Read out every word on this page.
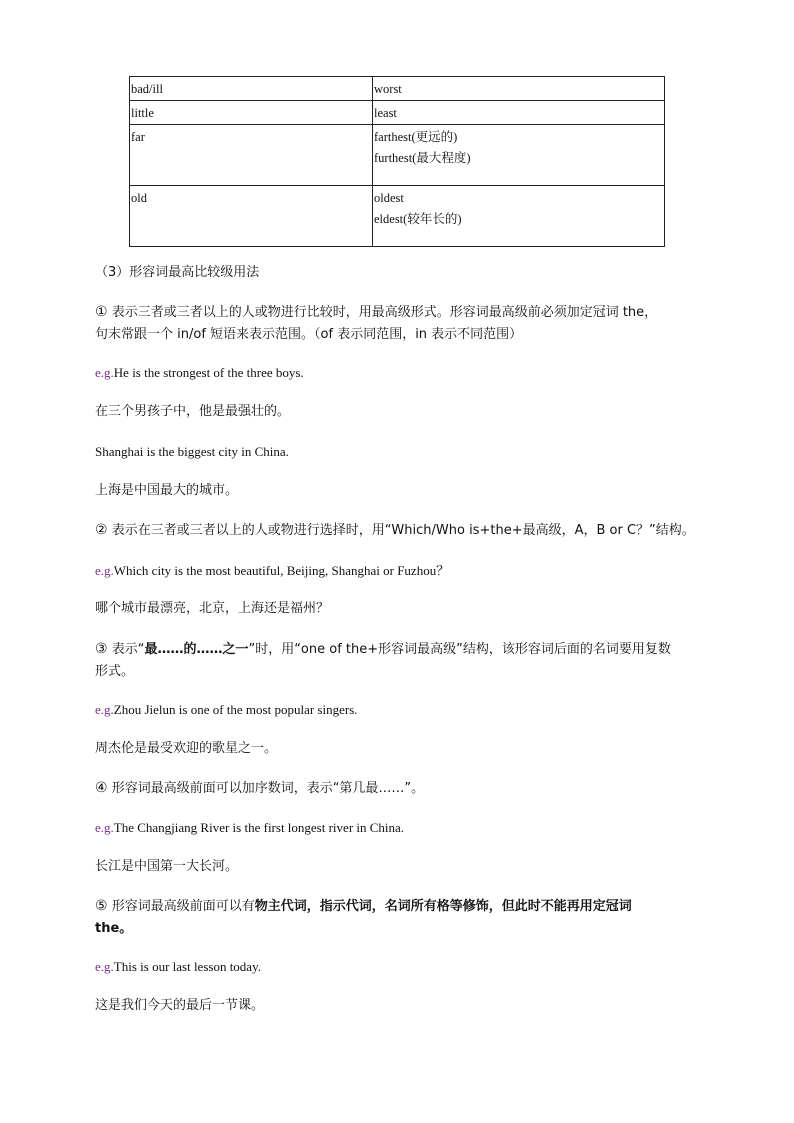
bad/ill	worst

little	least

far	farthest(更远的)
furthest(最大程度)

old	oldest
eldest(较年长的)
（3）形容词最高比较级用法
① 表示三者或三者以上的人或物进行比较时，用最高级形式。形容词最高级前必须加定冠词 the，
句末常跟一个 in/of 短语来表示范围。（of 表示同范围，in 表示不同范围）
e.g.He is the strongest of the three boys.
在三个男孩子中，他是最强壮的。
Shanghai is the biggest city in China.
上海是中国最大的城市。
② 表示在三者或三者以上的人或物进行选择时，用“Which/Who is+the+最高级，A，B or C？”结构。
e.g.Which city is the most beautiful, Beijing, Shanghai or Fuzhou？
哪个城市最漂亮，北京，上海还是福州？
③ 表示“最……的……之一”时，用“one of the+形容词最高级”结构，该形容词后面的名词要用复数
形式。
e.g.Zhou Jielun is one of the most popular singers.
周杰伦是最受欢迎的歌星之一。
④ 形容词最高级前面可以加序数词，表示“第几最……”。
e.g.The Changjiang River is the first longest river in China.
长江是中国第一大长河。
⑤ 形容词最高级前面可以有物主代词，指示代词，名词所有格等修饰，但此时不能再用定冠词
the。
e.g.This is our last lesson today.
这是我们今天的最后一节课。
